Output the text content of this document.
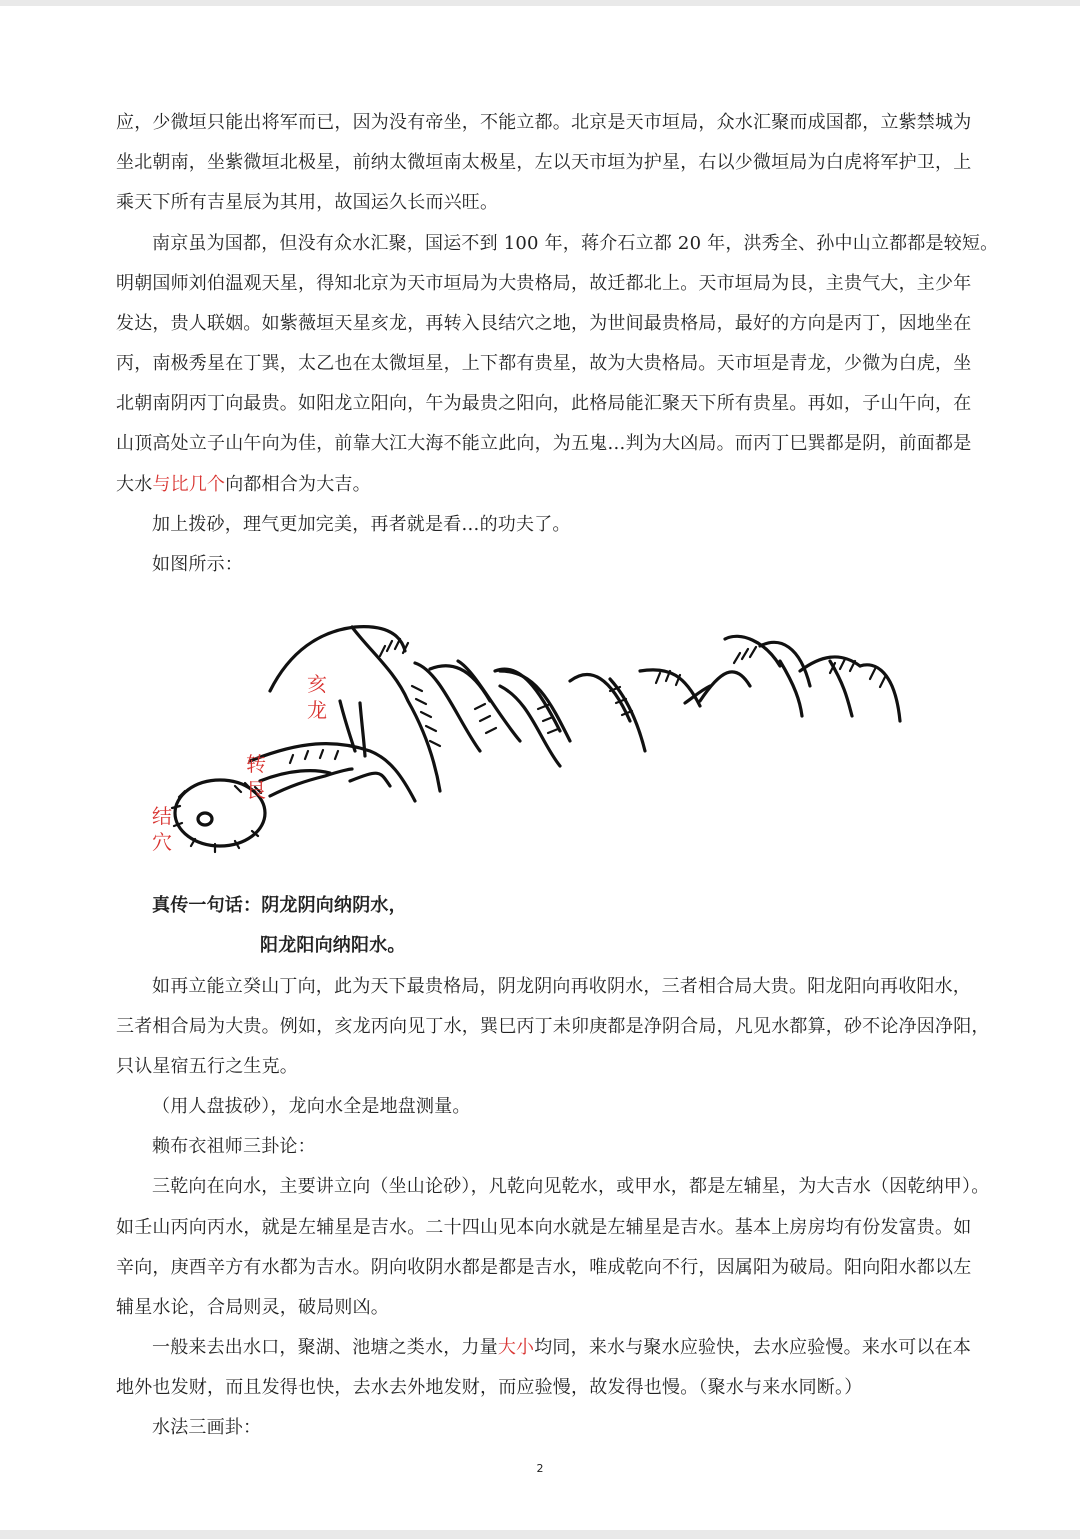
应，少微垣只能出将军而已，因为没有帝坐，不能立都。北京是天市垣局，众水汇聚而成国都，立紫禁城为
坐北朝南，坐紫微垣北极星，前纳太微垣南太极星，左以天市垣为护星，右以少微垣局为白虎将军护卫，上
乘天下所有吉星辰为其用，故国运久长而兴旺。
南京虽为国都，但没有众水汇聚，国运不到 100 年，蒋介石立都 20 年，洪秀全、孙中山立都都是较短。
明朝国师刘伯温观天星，得知北京为天市垣局为大贵格局，故迁都北上。天市垣局为艮，主贵气大，主少年
发达，贵人联姻。如紫薇垣天星亥龙，再转入艮结穴之地，为世间最贵格局，最好的方向是丙丁，因地坐在
丙，南极秀星在丁巽，太乙也在太微垣星，上下都有贵星，故为大贵格局。天市垣是青龙，少微为白虎，坐
北朝南阴丙丁向最贵。如阳龙立阳向，午为最贵之阳向，此格局能汇聚天下所有贵星。再如，子山午向，在
山顶高处立子山午向为佳，前靠大江大海不能立此向，为五鬼…判为大凶局。而丙丁巳巽都是阴，前面都是
大水与比几个向都相合为大吉。
加上拨砂，理气更加完美，再者就是看…的功夫了。
如图所示：
亥
龙
转
艮
结
穴
真传一句话：阴龙阴向纳阴水，
阳龙阳向纳阳水。
如再立能立癸山丁向，此为天下最贵格局，阴龙阴向再收阴水，三者相合局大贵。阳龙阳向再收阳水，
三者相合局为大贵。例如，亥龙丙向见丁水，巽巳丙丁未卯庚都是净阴合局，凡见水都算，砂不论净因净阳，
只认星宿五行之生克。
（用人盘拔砂），龙向水全是地盘测量。
赖布衣祖师三卦论：
三乾向在向水，主要讲立向（坐山论砂），凡乾向见乾水，或甲水，都是左辅星，为大吉水（因乾纳甲）。
如壬山丙向丙水，就是左辅星是吉水。二十四山见本向水就是左辅星是吉水。基本上房房均有份发富贵。如
辛向，庚酉辛方有水都为吉水。阴向收阴水都是都是吉水，唯成乾向不行，因属阳为破局。阳向阳水都以左
辅星水论，合局则灵，破局则凶。
一般来去出水口，聚湖、池塘之类水，力量大小均同，来水与聚水应验快，去水应验慢。来水可以在本
地外也发财，而且发得也快，去水去外地发财，而应验慢，故发得也慢。（聚水与来水同断。）
水法三画卦：
2
